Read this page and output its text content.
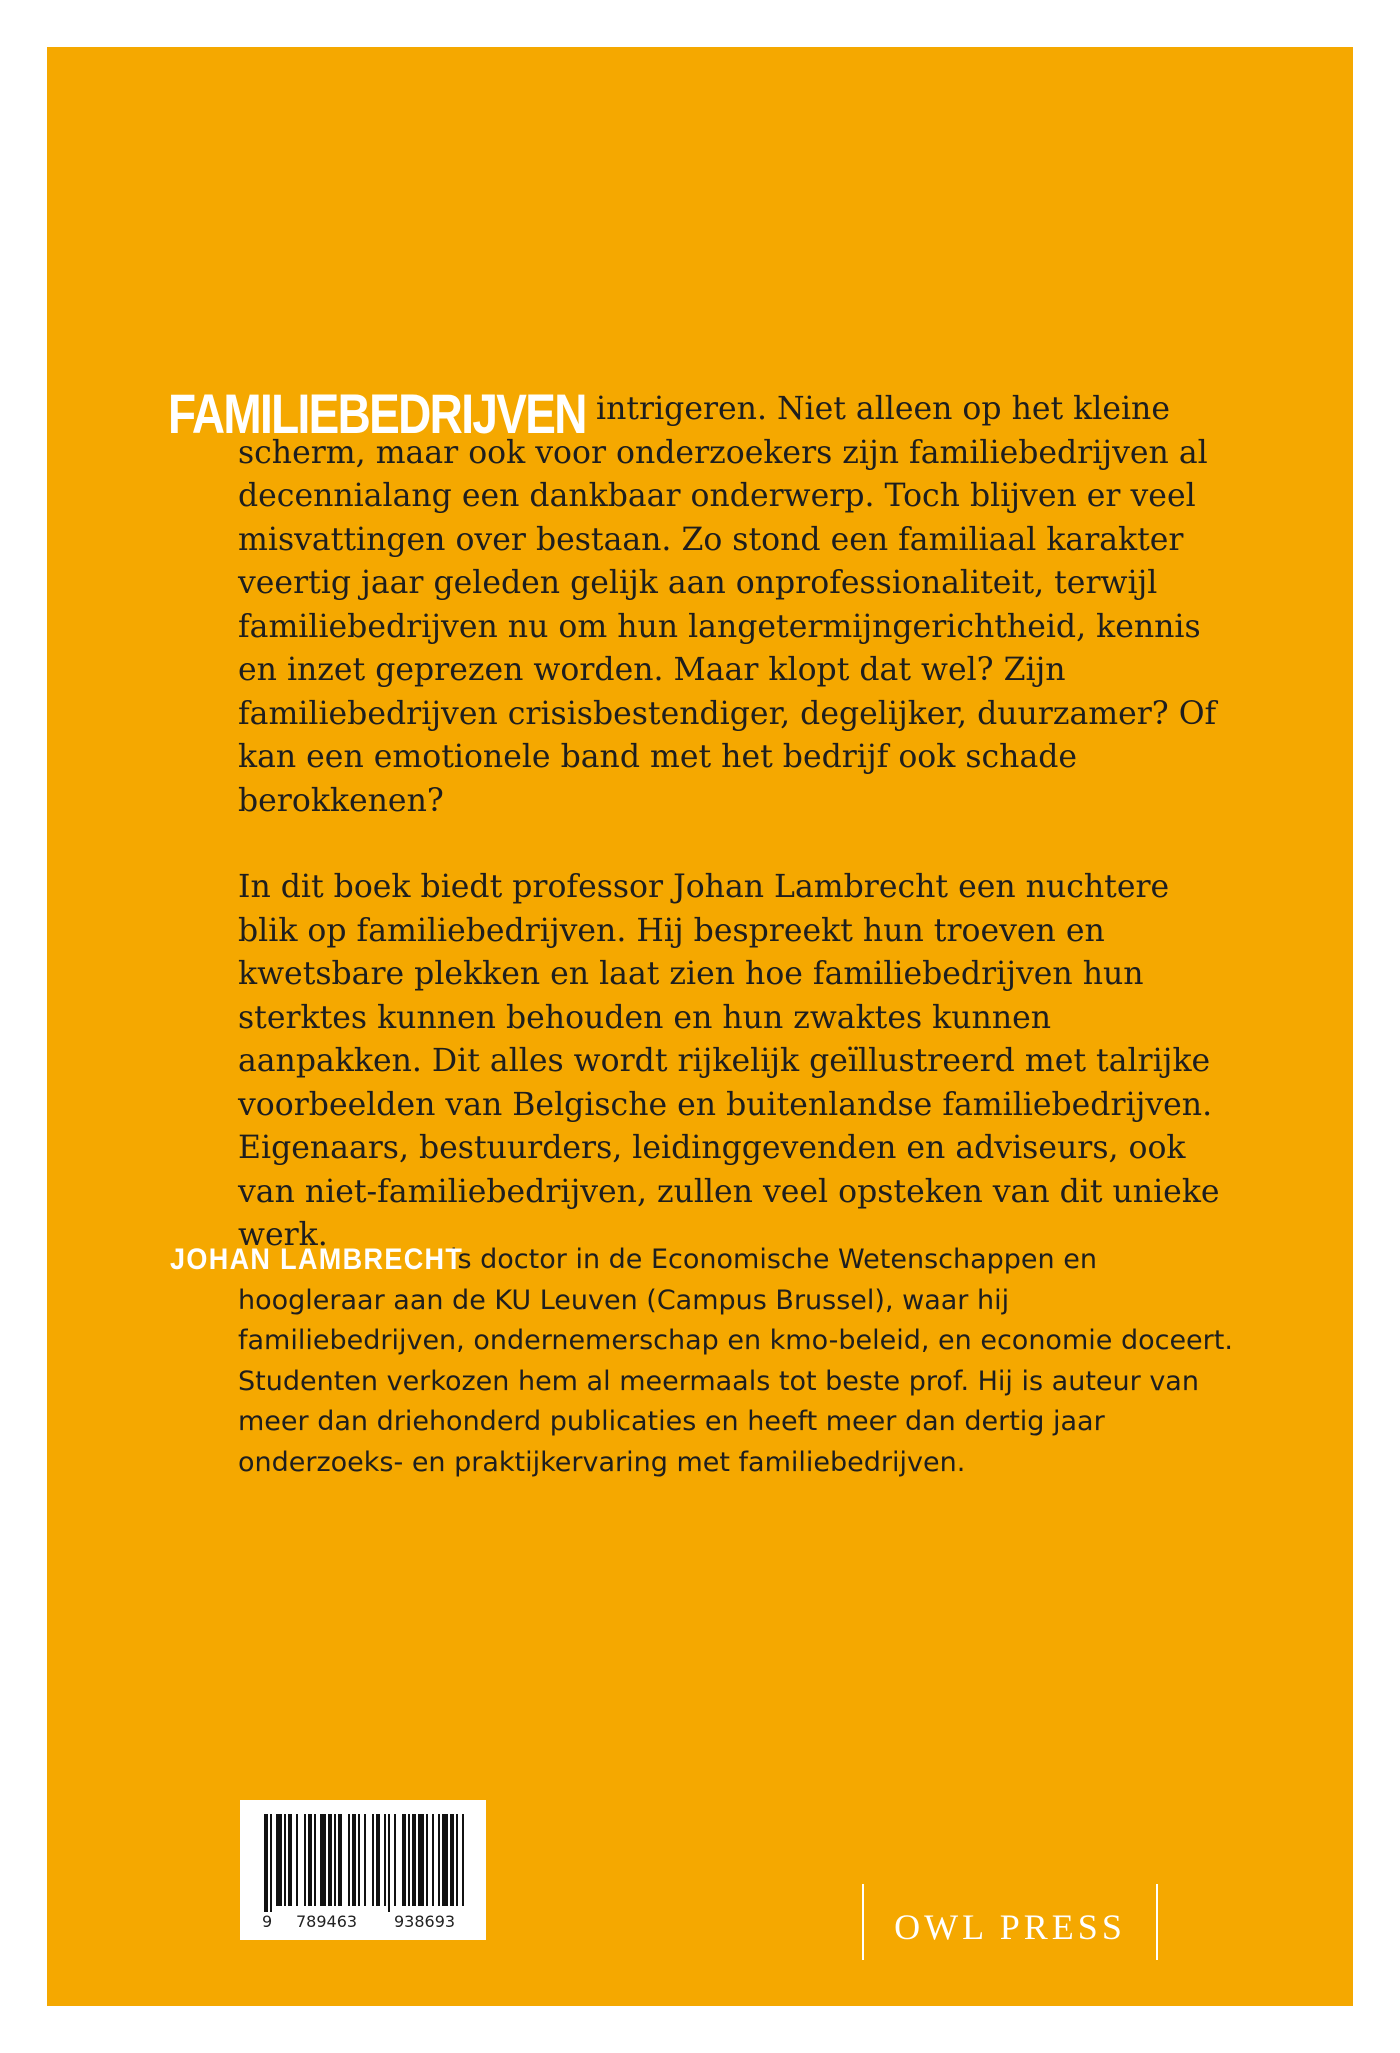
FAMILIEBEDRIJVEN intrigeren. Niet alleen op het kleine scherm, maar ook voor onderzoekers zijn familiebedrijven al decennialang een dankbaar onderwerp. Toch blijven er veel misvattingen over bestaan. Zo stond een familiaal karakter veertig jaar geleden gelijk aan onprofessionaliteit, terwijl familiebedrijven nu om hun langetermijngerichtheid, kennis en inzet geprezen worden. Maar klopt dat wel? Zijn familiebedrijven crisisbestendiger, degelijker, duurzamer? Of kan een emotionele band met het bedrijf ook schade berokkenen?

In dit boek biedt professor Johan Lambrecht een nuchtere blik op familiebedrijven. Hij bespreekt hun troeven en kwetsbare plekken en laat zien hoe familiebedrijven hun sterktes kunnen behouden en hun zwaktes kunnen aanpakken. Dit alles wordt rijkelijk geïllustreerd met talrijke voorbeelden van Belgische en buitenlandse familiebedrijven. Eigenaars, bestuurders, leidinggevenden en adviseurs, ook van niet-familiebedrijven, zullen veel opsteken van dit unieke werk.

JOHAN LAMBRECHT
is doctor in de Economische Wetenschappen en hoogleraar aan de KU Leuven (Campus Brussel), waar hij familiebedrijven, ondernemerschap en kmo-beleid, en economie doceert. Studenten verkozen hem al meermaals tot beste prof. Hij is auteur van meer dan driehonderd publicaties en heeft meer dan dertig jaar onderzoeks- en praktijkervaring met familiebedrijven.
9 789463 938693	OWL PRESS
